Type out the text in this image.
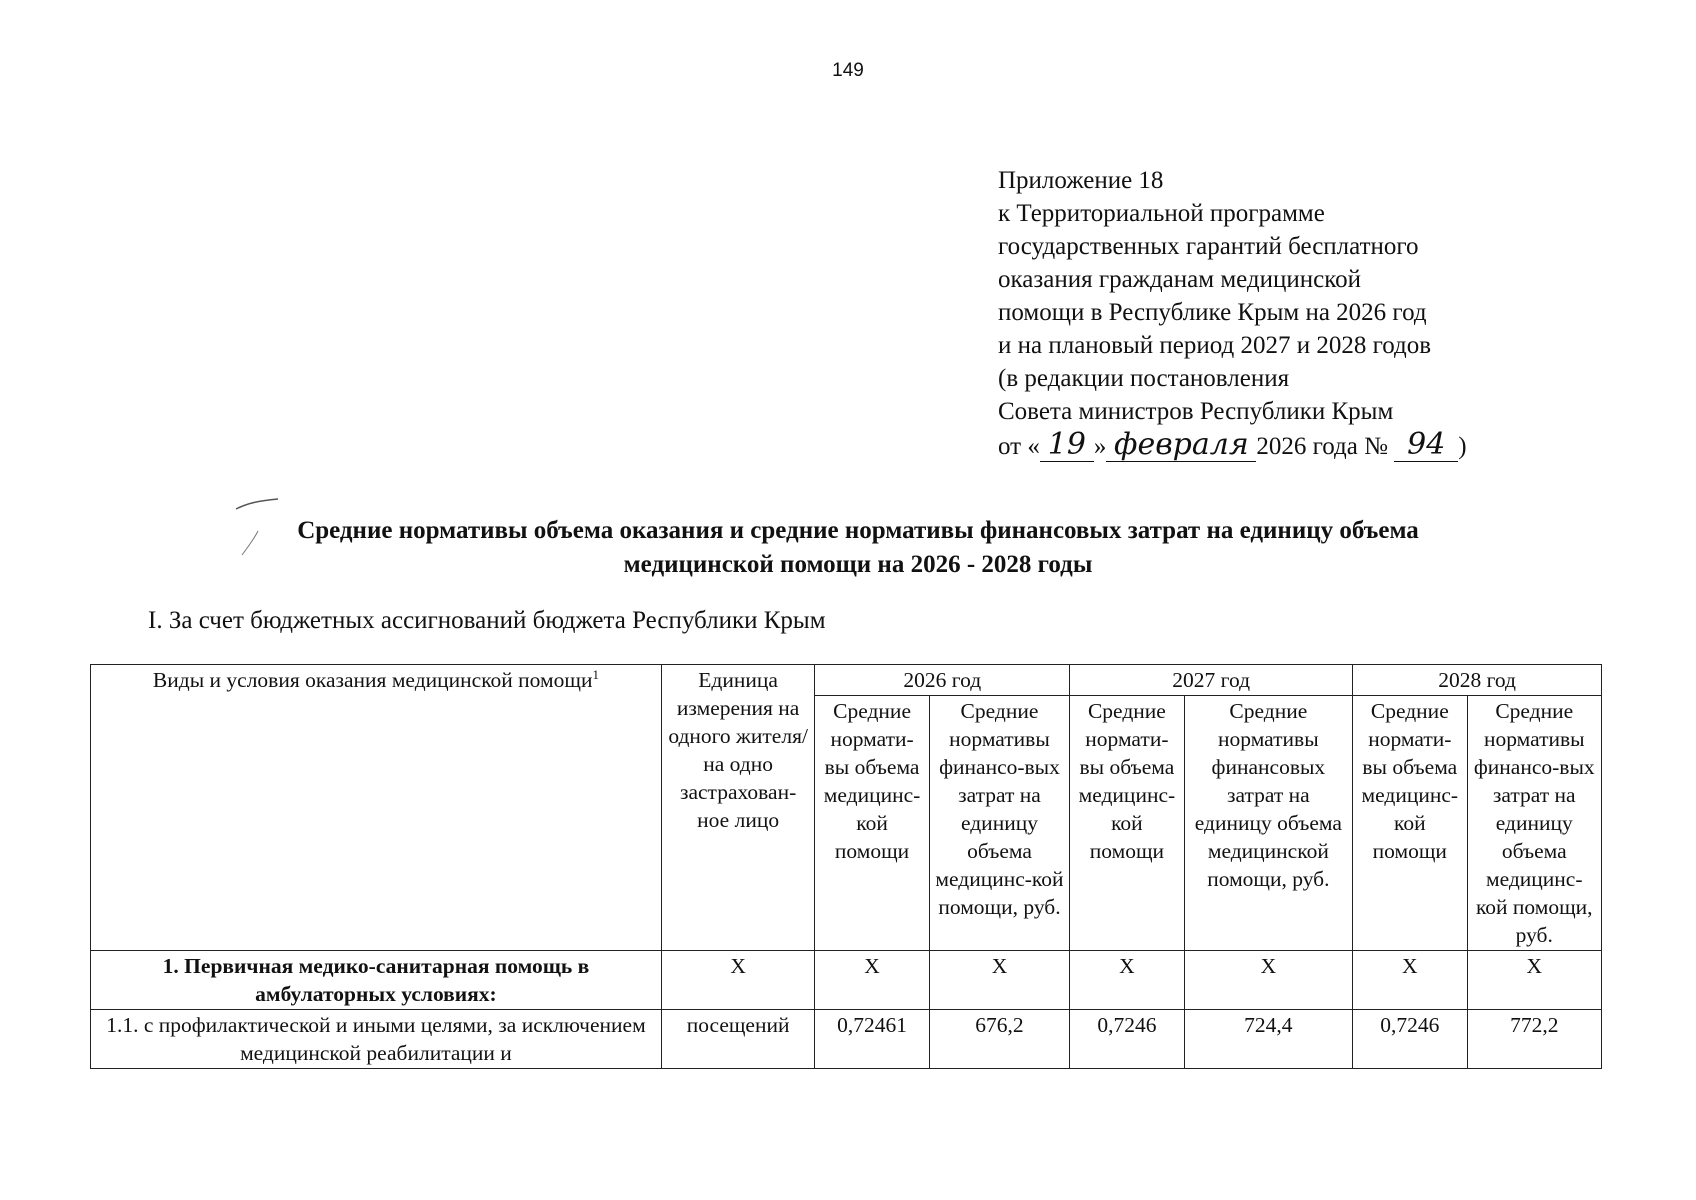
149
Приложение 18
к Территориальной программе
государственных гарантий бесплатного
оказания гражданам медицинской
помощи в Республике Крым на 2026 год
и на плановый период 2027 и 2028 годов
(в редакции постановления
Совета министров Республики Крым
от « 19 » февраля 2026 года № 94 )
Средние нормативы объема оказания и средние нормативы финансовых затрат на единицу объема
медицинской помощи на 2026 - 2028 годы
I. За счет бюджетных ассигнований бюджета Республики Крым
Виды и условия оказания медицинской помощи$^1$	Единица измерения на одного жителя/ на одно застрахован-ное лицо	2026 год		2027 год		2028 год	
		Средние нормати-вы объема медицинс-кой помощи	Средние нормативы финансо-вых затрат на единицу объема медицинс-кой помощи, руб.	Средние нормати-вы объема медицинс-кой помощи	Средние нормативы финансовых затрат на единицу объема медицинской помощи, руб.	Средние нормати-вы объема медицинс-кой помощи	Средние нормативы финансо-вых затрат на единицу объема медицинс-кой помощи, руб.
1. Первичная медико-санитарная помощь в амбулаторных условиях:	Х	Х	Х	Х	Х	Х	Х
1.1. с профилактической и иными целями, за исключением медицинской реабилитации и	посещений	0,72461	676,2	0,7246	724,4	0,7246	772,2
